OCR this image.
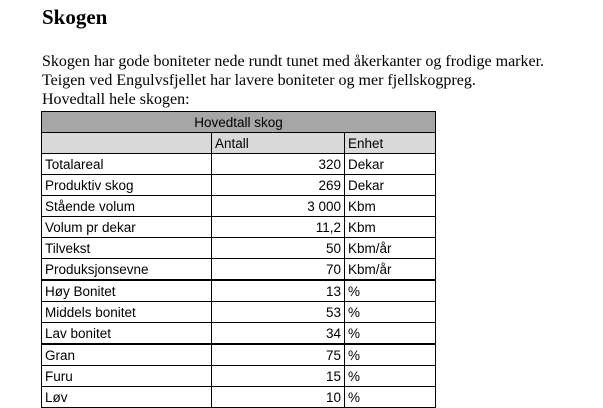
Skogen
Skogen har gode boniteter nede rundt tunet med åkerkanter og frodige marker.
Teigen ved Engulvsfjellet har lavere boniteter og mer fjellskogpreg.
Hovedtall hele skogen:
Hovedtall skog		
	Antall	Enhet
Totalareal	320	Dekar
Produktiv skog	269	Dekar
Stående volum	3 000	Kbm
Volum pr dekar	11,2	Kbm
Tilvekst	50	Kbm/år
Produksjonsevne	70	Kbm/år
Høy Bonitet	13	%
Middels bonitet	53	%
Lav bonitet	34	%
Gran	75	%
Furu	15	%
Løv	10	%
